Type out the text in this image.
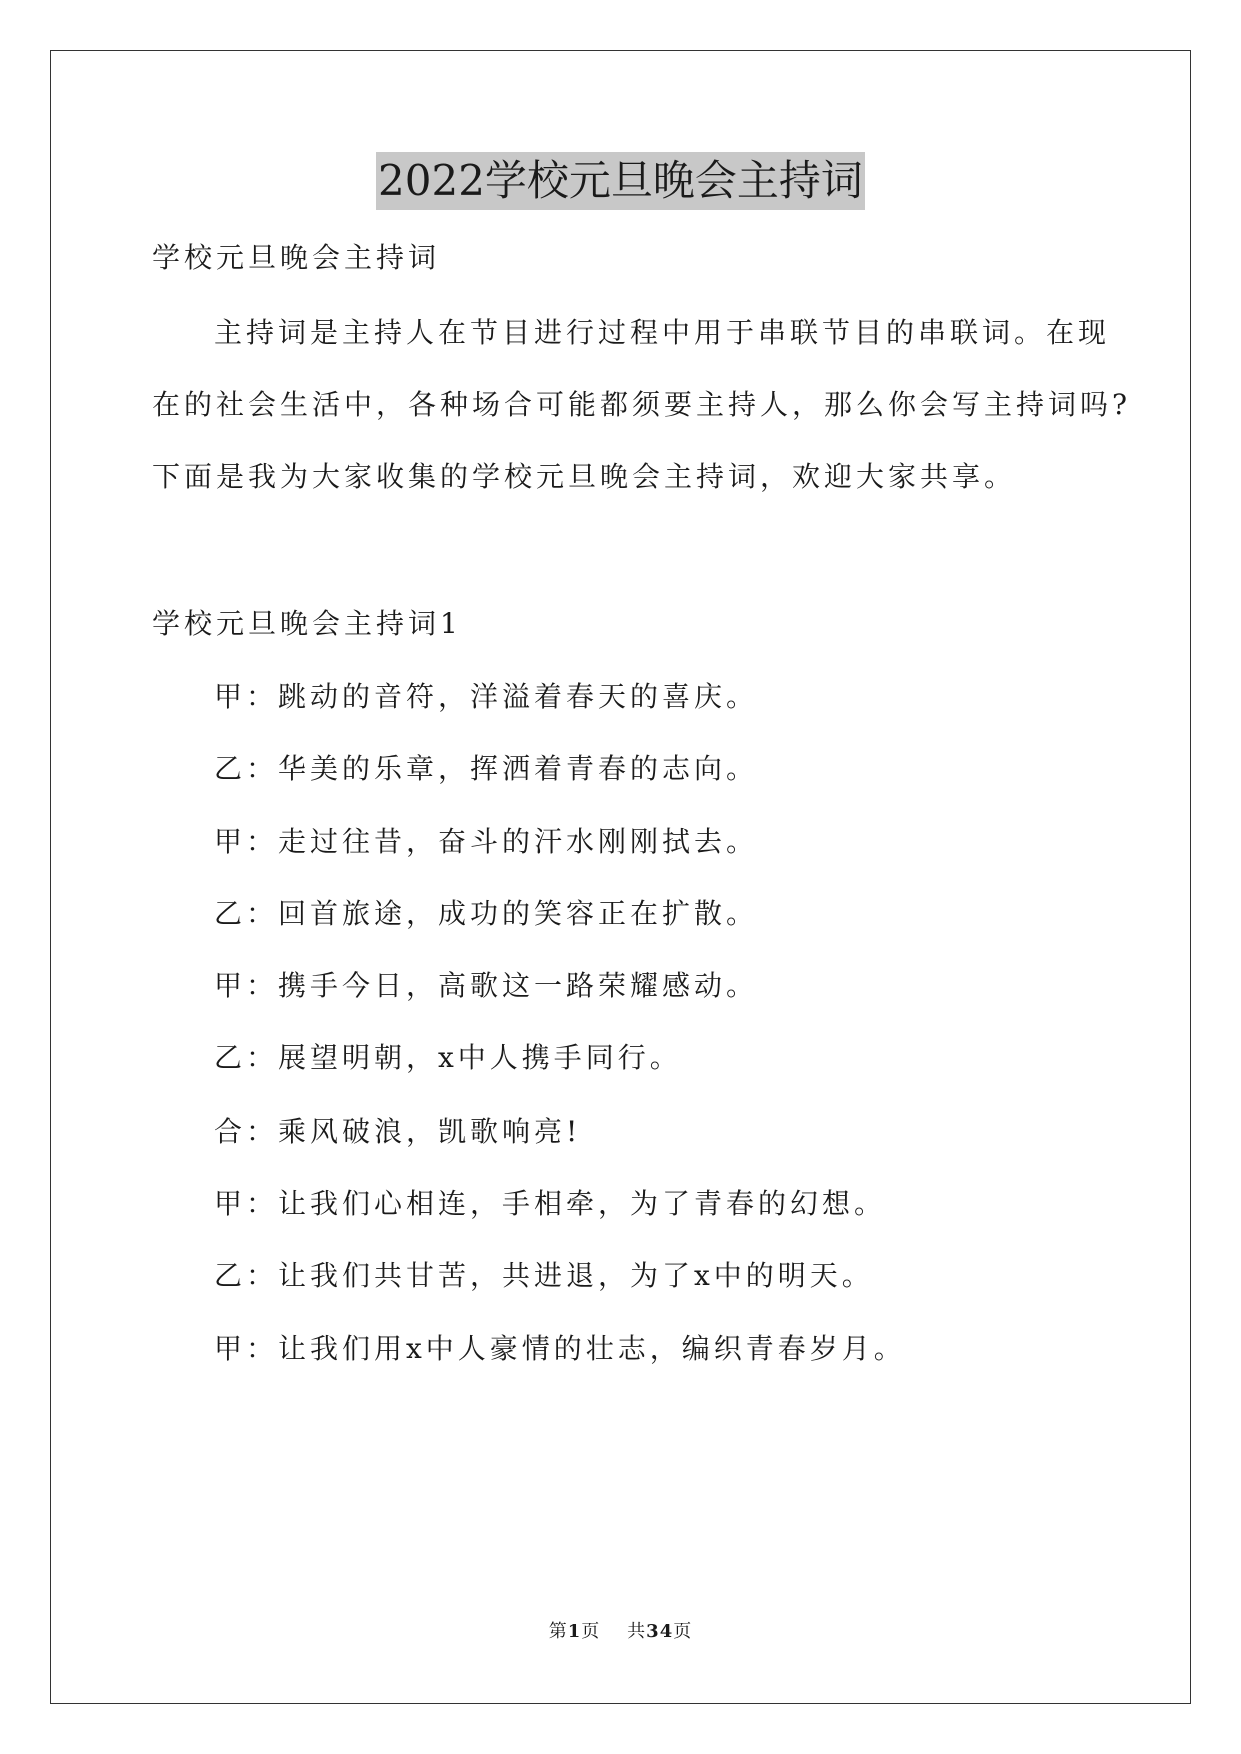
2022学校元旦晚会主持词
学校元旦晚会主持词
主持词是主持人在节目进行过程中用于串联节目的串联词。在现
在的社会生活中，各种场合可能都须要主持人，那么你会写主持词吗?
下面是我为大家收集的学校元旦晚会主持词，欢迎大家共享。
学校元旦晚会主持词1
甲：跳动的音符，洋溢着春天的喜庆。
乙：华美的乐章，挥洒着青春的志向。
甲：走过往昔，奋斗的汗水刚刚拭去。
乙：回首旅途，成功的笑容正在扩散。
甲：携手今日，高歌这一路荣耀感动。
乙：展望明朝，x中人携手同行。
合：乘风破浪，凯歌响亮!
甲：让我们心相连，手相牵，为了青春的幻想。
乙：让我们共甘苦，共进退，为了x中的明天。
甲：让我们用x中人豪情的壮志，编织青春岁月。
第1页 共34页
